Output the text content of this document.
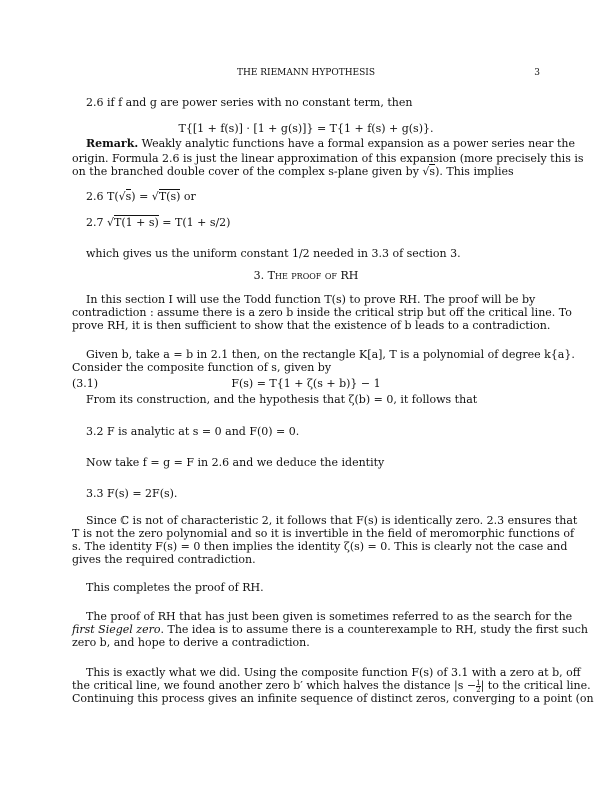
THE RIEMANN HYPOTHESIS	3
2.6 if f and g are power series with no constant term, then
T{[1 + f(s)] · [1 + g(s)]} = T{1 + f(s) + g(s)}.
Remark. Weakly analytic functions have a formal expansion as a power series near the
origin. Formula 2.6 is just the linear approximation of this expansion (more precisely this is
on the branched double cover of the complex s-plane given by √s). This implies
2.6 T(√s) = √T(s) or
2.7 √T(1 + s) = T(1 + s/2)
which gives us the uniform constant 1/2 needed in 3.3 of section 3.
3. The proof of RH
In this section I will use the Todd function T(s) to prove RH. The proof will be by
contradiction : assume there is a zero b inside the critical strip but off the critical line. To
prove RH, it is then sufficient to show that the existence of b leads to a contradiction.
Given b, take a = b in 2.1 then, on the rectangle K[a], T is a polynomial of degree k{a}.
Consider the composite function of s, given by
(3.1)	F(s) = T{1 + ζ(s + b)} − 1
From its construction, and the hypothesis that ζ(b) = 0, it follows that
3.2 F is analytic at s = 0 and F(0) = 0.
Now take f = g = F in 2.6 and we deduce the identity
3.3 F(s) = 2F(s).
Since ℂ is not of characteristic 2, it follows that F(s) is identically zero. 2.3 ensures that
T is not the zero polynomial and so it is invertible in the field of meromorphic functions of
s. The identity F(s) = 0 then implies the identity ζ(s) = 0. This is clearly not the case and
gives the required contradiction.
This completes the proof of RH.
The proof of RH that has just been given is sometimes referred to as the search for the
first Siegel zero. The idea is to assume there is a counterexample to RH, study the first such
zero b, and hope to derive a contradiction.
This is exactly what we did. Using the composite function F(s) of 3.1 with a zero at b, off
the critical line, we found another zero b′ which halves the distance $|s - \frac{1}{2}$ | to the critical line.
Continuing this process gives an infinite sequence of distinct zeros, converging to a point (on
